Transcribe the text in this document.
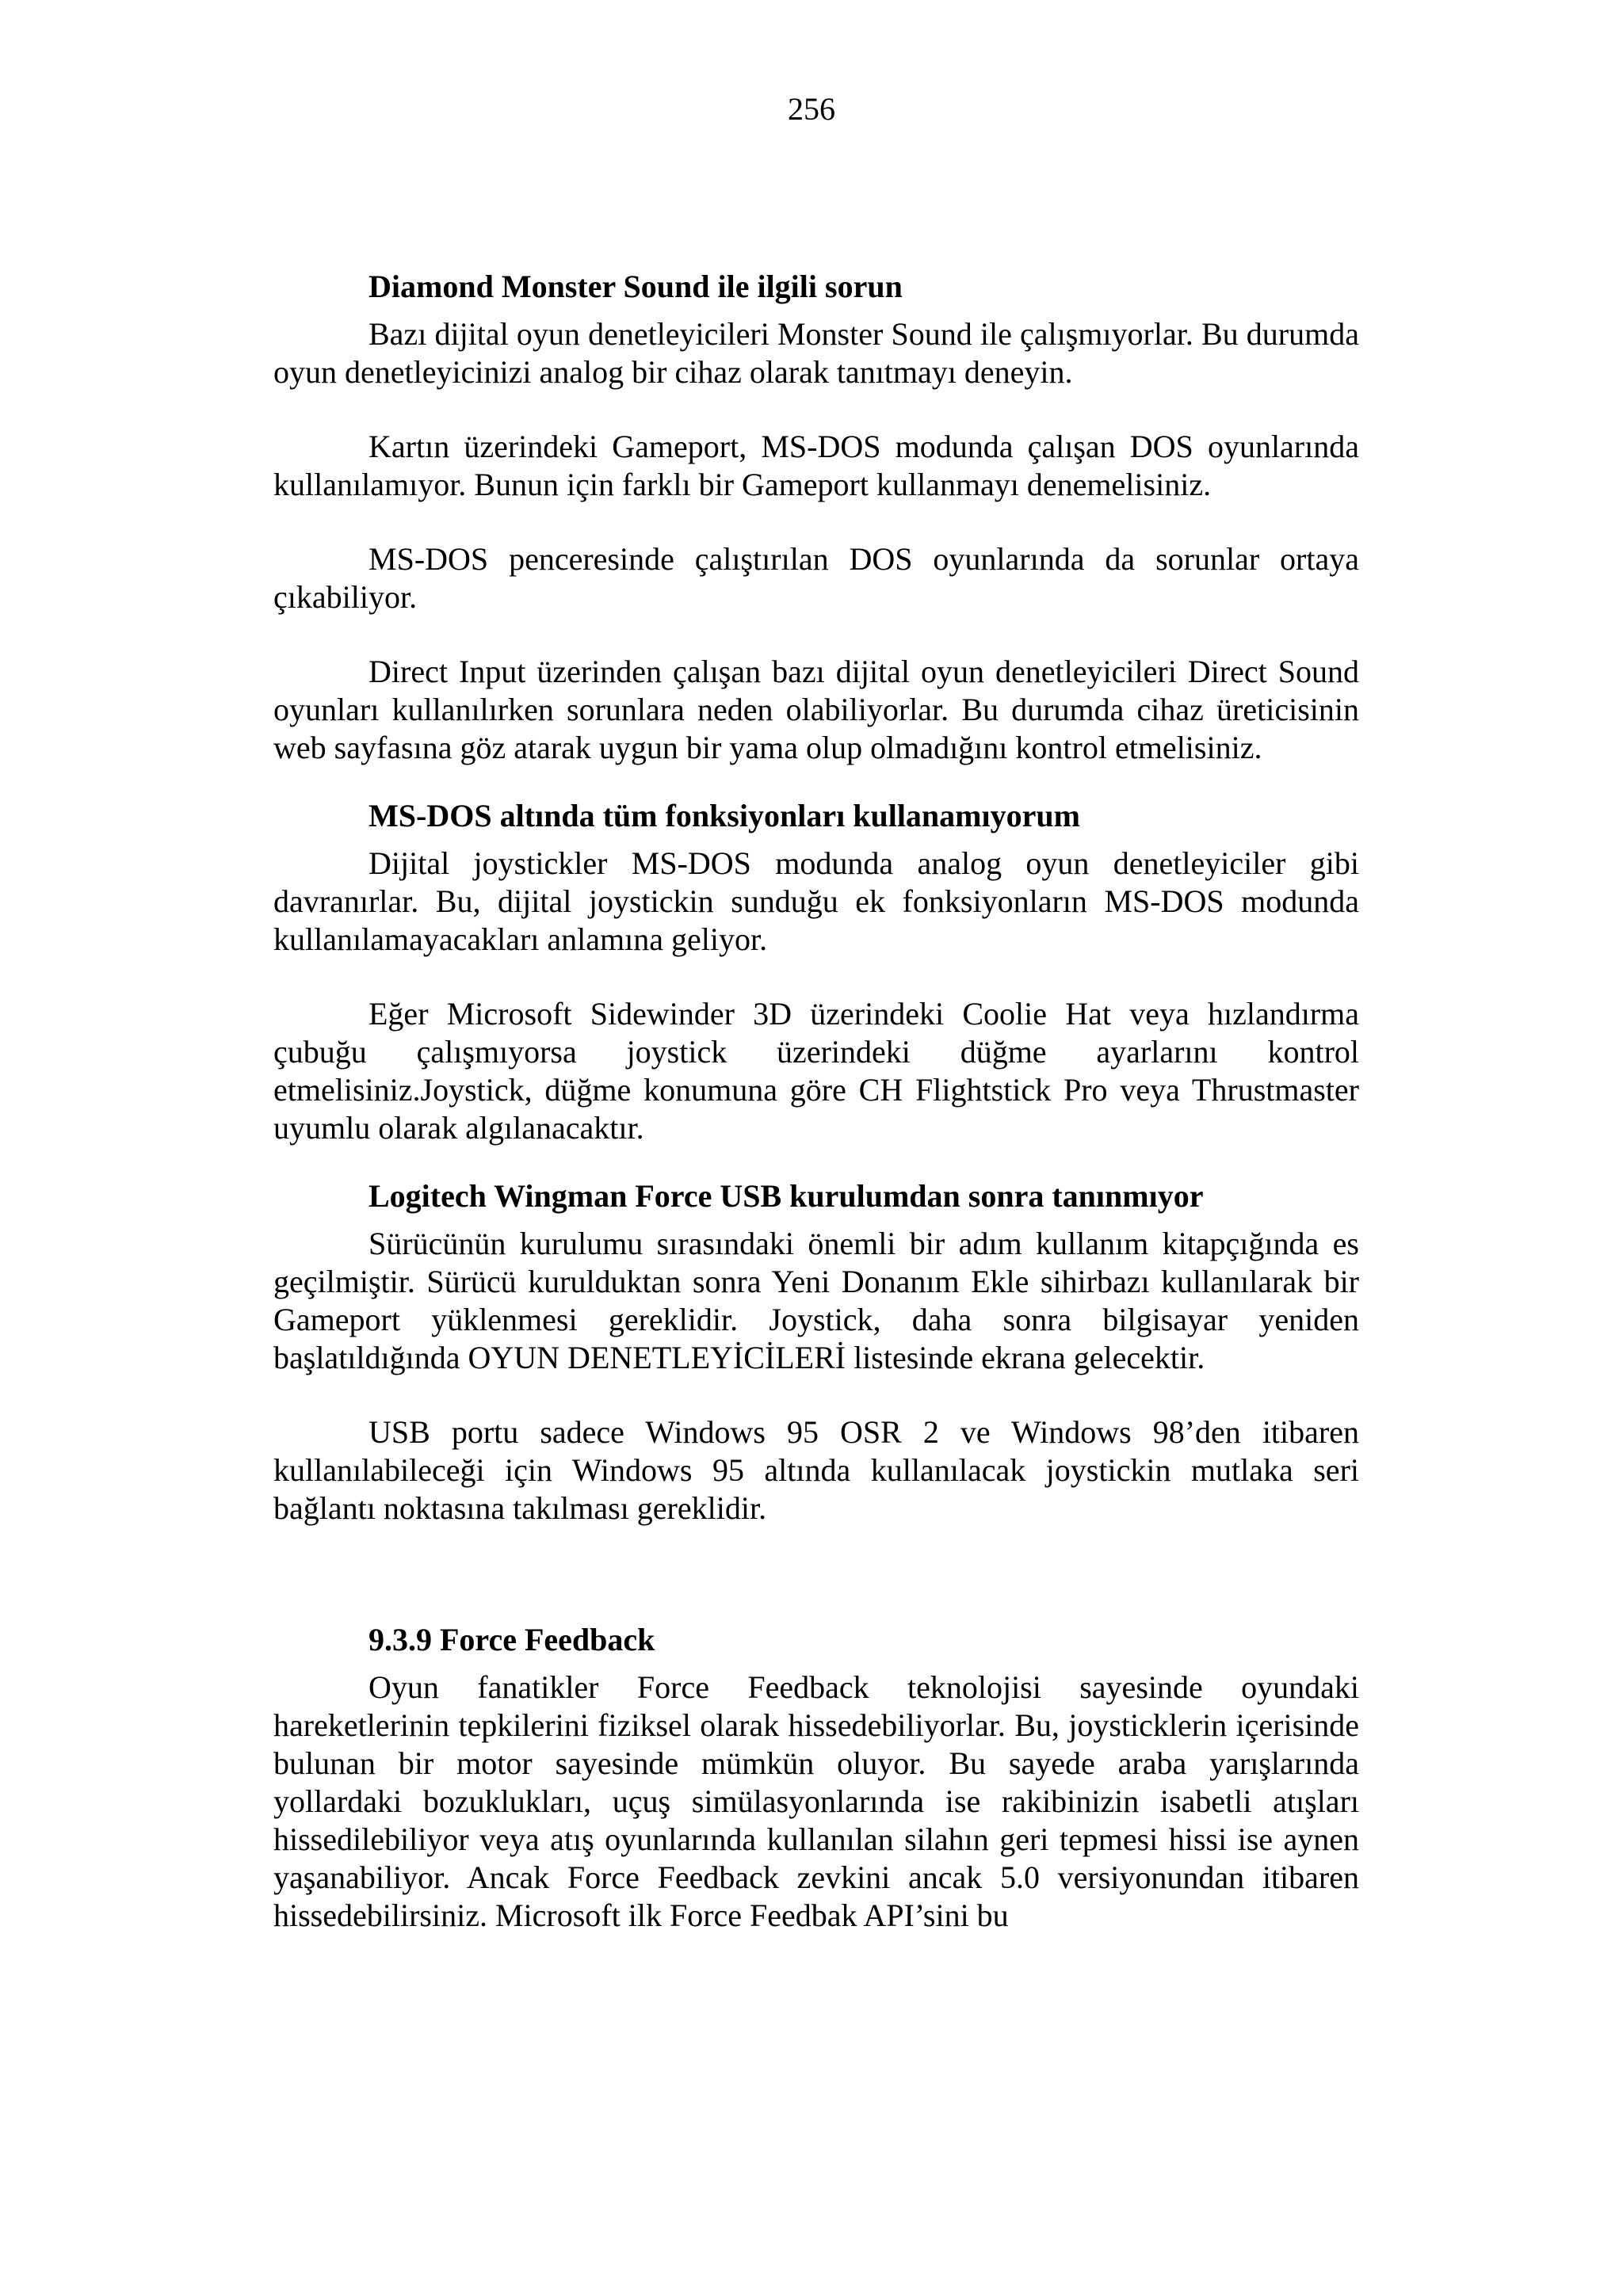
256
Diamond Monster Sound ile ilgili sorun

Bazı dijital oyun denetleyicileri Monster Sound ile çalışmıyorlar. Bu durumda oyun denetleyicinizi analog bir cihaz olarak tanıtmayı deneyin.

Kartın üzerindeki Gameport, MS-DOS modunda çalışan DOS oyunlarında kullanılamıyor. Bunun için farklı bir Gameport kullanmayı denemelisiniz.

MS-DOS penceresinde çalıştırılan DOS oyunlarında da sorunlar ortaya çıkabiliyor.

Direct Input üzerinden çalışan bazı dijital oyun denetleyicileri Direct Sound oyunları kullanılırken sorunlara neden olabiliyorlar. Bu durumda cihaz üreticisinin web sayfasına göz atarak uygun bir yama olup olmadığını kontrol etmelisiniz.

MS-DOS altında tüm fonksiyonları kullanamıyorum

Dijital joystickler MS-DOS modunda analog oyun denetleyiciler gibi davranırlar. Bu, dijital joystickin sunduğu ek fonksiyonların MS-DOS modunda kullanılamayacakları anlamına geliyor.

Eğer Microsoft Sidewinder 3D üzerindeki Coolie Hat veya hızlandırma çubuğu çalışmıyorsa joystick üzerindeki düğme ayarlarını kontrol etmelisiniz.Joystick, düğme konumuna göre CH Flightstick Pro veya Thrustmaster uyumlu olarak algılanacaktır.

Logitech Wingman Force USB kurulumdan sonra tanınmıyor

Sürücünün kurulumu sırasındaki önemli bir adım kullanım kitapçığında es geçilmiştir. Sürücü kurulduktan sonra Yeni Donanım Ekle sihirbazı kullanılarak bir Gameport yüklenmesi gereklidir. Joystick, daha sonra bilgisayar yeniden başlatıldığında OYUN DENETLEYİCİLERİ listesinde ekrana gelecektir.

USB portu sadece Windows 95 OSR 2 ve Windows 98’den itibaren kullanılabileceği için Windows 95 altında kullanılacak joystickin mutlaka seri bağlantı noktasına takılması gereklidir.

9.3.9 Force Feedback

Oyun fanatikler Force Feedback teknolojisi sayesinde oyundaki hareketlerinin tepkilerini fiziksel olarak hissedebiliyorlar. Bu, joysticklerin içerisinde bulunan bir motor sayesinde mümkün oluyor. Bu sayede araba yarışlarında yollardaki bozuklukları, uçuş simülasyonlarında ise rakibinizin isabetli atışları hissedilebiliyor veya atış oyunlarında kullanılan silahın geri tepmesi hissi ise aynen yaşanabiliyor. Ancak Force Feedback zevkini ancak 5.0 versiyonundan itibaren hissedebilirsiniz. Microsoft ilk Force Feedbak API’sini bu
